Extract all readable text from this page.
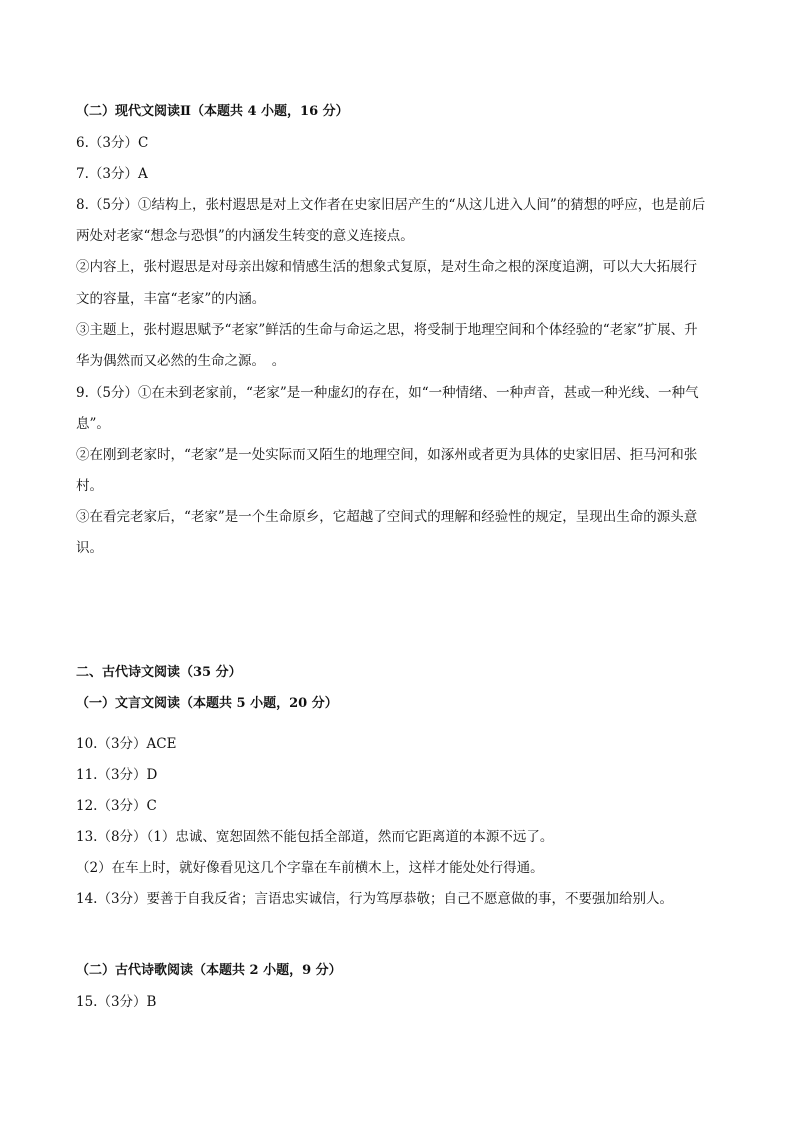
（二）现代文阅读Ⅱ（本题共 4 小题，16 分）
6.（3分）C
7.（3分）A
8.（5分）①结构上，张村遐思是对上文作者在史家旧居产生的“从这儿进入人间”的猜想的呼应，也是前后
两处对老家“想念与恐惧”的内涵发生转变的意义连接点。
②内容上，张村遐思是对母亲出嫁和情感生活的想象式复原，是对生命之根的深度追溯，可以大大拓展行
文的容量，丰富“老家”的内涵。
③主题上，张村遐思赋予“老家”鲜活的生命与命运之思，将受制于地理空间和个体经验的“老家”扩展、升
华为偶然而又必然的生命之源。　。
9.（5分）①在未到老家前，“老家”是一种虚幻的存在，如“一种情绪、一种声音，甚或一种光线、一种气
息”。
②在刚到老家时，“老家”是一处实际而又陌生的地理空间，如涿州或者更为具体的史家旧居、拒马河和张
村。
③在看完老家后，“老家”是一个生命原乡，它超越了空间式的理解和经验性的规定，呈现出生命的源头意
识。
二、古代诗文阅读（35 分）
（一）文言文阅读（本题共 5 小题，20 分）
10.（3分）ACE
11.（3分）D
12.（3分）C
13.（8分）（1）忠诚、宽恕固然不能包括全部道，然而它距离道的本源不远了。
（2）在车上时，就好像看见这几个字靠在车前横木上，这样才能处处行得通。
14.（3分）要善于自我反省；言语忠实诚信，行为笃厚恭敬；自己不愿意做的事，不要强加给别人。
（二）古代诗歌阅读（本题共 2 小题，9 分）
15.（3分）B
